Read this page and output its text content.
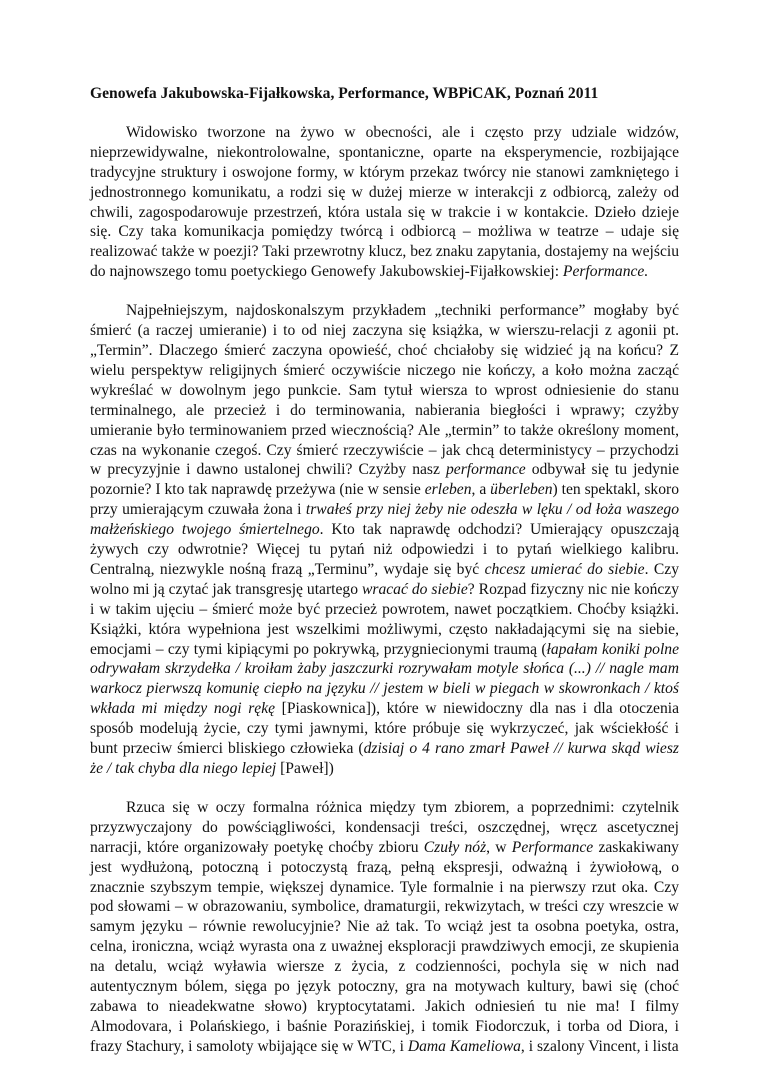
Genowefa Jakubowska-Fijałkowska, Performance, WBPiCAK, Poznań 2011

Widowisko tworzone na żywo w obecności, ale i często przy udziale widzów, nieprzewidywalne, niekontrolowalne, spontaniczne, oparte na eksperymencie, rozbijające tradycyjne struktury i oswojone formy, w którym przekaz twórcy nie stanowi zamkniętego i jednostronnego komunikatu, a rodzi się w dużej mierze w interakcji z odbiorcą, zależy od chwili, zagospodarowuje przestrzeń, która ustala się w trakcie i w kontakcie. Dzieło dzieje się. Czy taka komunikacja pomiędzy twórcą i odbiorcą – możliwa w teatrze – udaje się realizować także w poezji? Taki przewrotny klucz, bez znaku zapytania, dostajemy na wejściu do najnowszego tomu poetyckiego Genowefy Jakubowskiej-Fijałkowskiej: Performance.

Najpełniejszym, najdoskonalszym przykładem „techniki performance” mogłaby być śmierć (a raczej umieranie) i to od niej zaczyna się książka, w wierszu-relacji z agonii pt. „Termin”. Dlaczego śmierć zaczyna opowieść, choć chciałoby się widzieć ją na końcu? Z wielu perspektyw religijnych śmierć oczywiście niczego nie kończy, a koło można zacząć wykreślać w dowolnym jego punkcie. Sam tytuł wiersza to wprost odniesienie do stanu terminalnego, ale przecież i do terminowania, nabierania biegłości i wprawy; czyżby umieranie było terminowaniem przed wiecznością? Ale „termin” to także określony moment, czas na wykonanie czegoś. Czy śmierć rzeczywiście – jak chcą deterministycy – przychodzi w precyzyjnie i dawno ustalonej chwili? Czyżby nasz performance odbywał się tu jedynie pozornie? I kto tak naprawdę przeżywa (nie w sensie erleben, a überleben) ten spektakl, skoro przy umierającym czuwała żona i trwałeś przy niej żeby nie odeszła w lęku / od łoża waszego małżeńskiego twojego śmiertelnego. Kto tak naprawdę odchodzi? Umierający opuszczają żywych czy odwrotnie? Więcej tu pytań niż odpowiedzi i to pytań wielkiego kalibru. Centralną, niezwykle nośną frazą „Terminu”, wydaje się być chcesz umierać do siebie. Czy wolno mi ją czytać jak transgresję utartego wracać do siebie? Rozpad fizyczny nic nie kończy i w takim ujęciu – śmierć może być przecież powrotem, nawet początkiem. Choćby książki. Książki, która wypełniona jest wszelkimi możliwymi, często nakładającymi się na siebie, emocjami – czy tymi kipiącymi po pokrywką, przygniecionymi traumą (łapałam koniki polne odrywałam skrzydełka / kroiłam żaby jaszczurki rozrywałam motyle słońca (...) // nagle mam warkocz pierwszą komunię ciepło na języku // jestem w bieli w piegach w skowronkach / ktoś wkłada mi między nogi rękę [Piaskownica]), które w niewidoczny dla nas i dla otoczenia sposób modelują życie, czy tymi jawnymi, które próbuje się wykrzyczeć, jak wściekłość i bunt przeciw śmierci bliskiego człowieka (dzisiaj o 4 rano zmarł Paweł // kurwa skąd wiesz że / tak chyba dla niego lepiej [Paweł])

Rzuca się w oczy formalna różnica między tym zbiorem, a poprzednimi: czytelnik przyzwyczajony do powściągliwości, kondensacji treści, oszczędnej, wręcz ascetycznej narracji, które organizowały poetykę choćby zbioru Czuły nóż, w Performance zaskakiwany jest wydłużoną, potoczną i potoczystą frazą, pełną ekspresji, odważną i żywiołową, o znacznie szybszym tempie, większej dynamice. Tyle formalnie i na pierwszy rzut oka. Czy pod słowami – w obrazowaniu, symbolice, dramaturgii, rekwizytach, w treści czy wreszcie w samym języku – równie rewolucyjnie? Nie aż tak. To wciąż jest ta osobna poetyka, ostra, celna, ironiczna, wciąż wyrasta ona z uważnej eksploracji prawdziwych emocji, ze skupienia na detalu, wciąż wyławia wiersze z życia, z codzienności, pochyla się w nich nad autentycznym bólem, sięga po język potoczny, gra na motywach kultury, bawi się (choć zabawa to nieadekwatne słowo) kryptocytatami. Jakich odniesień tu nie ma! I filmy Almodovara, i Polańskiego, i baśnie Porazińskiej, i tomik Fiodorczuk, i torba od Diora, i frazy Stachury, i samoloty wbijające się w WTC, i Dama Kameliowa, i szalony Vincent, i lista
